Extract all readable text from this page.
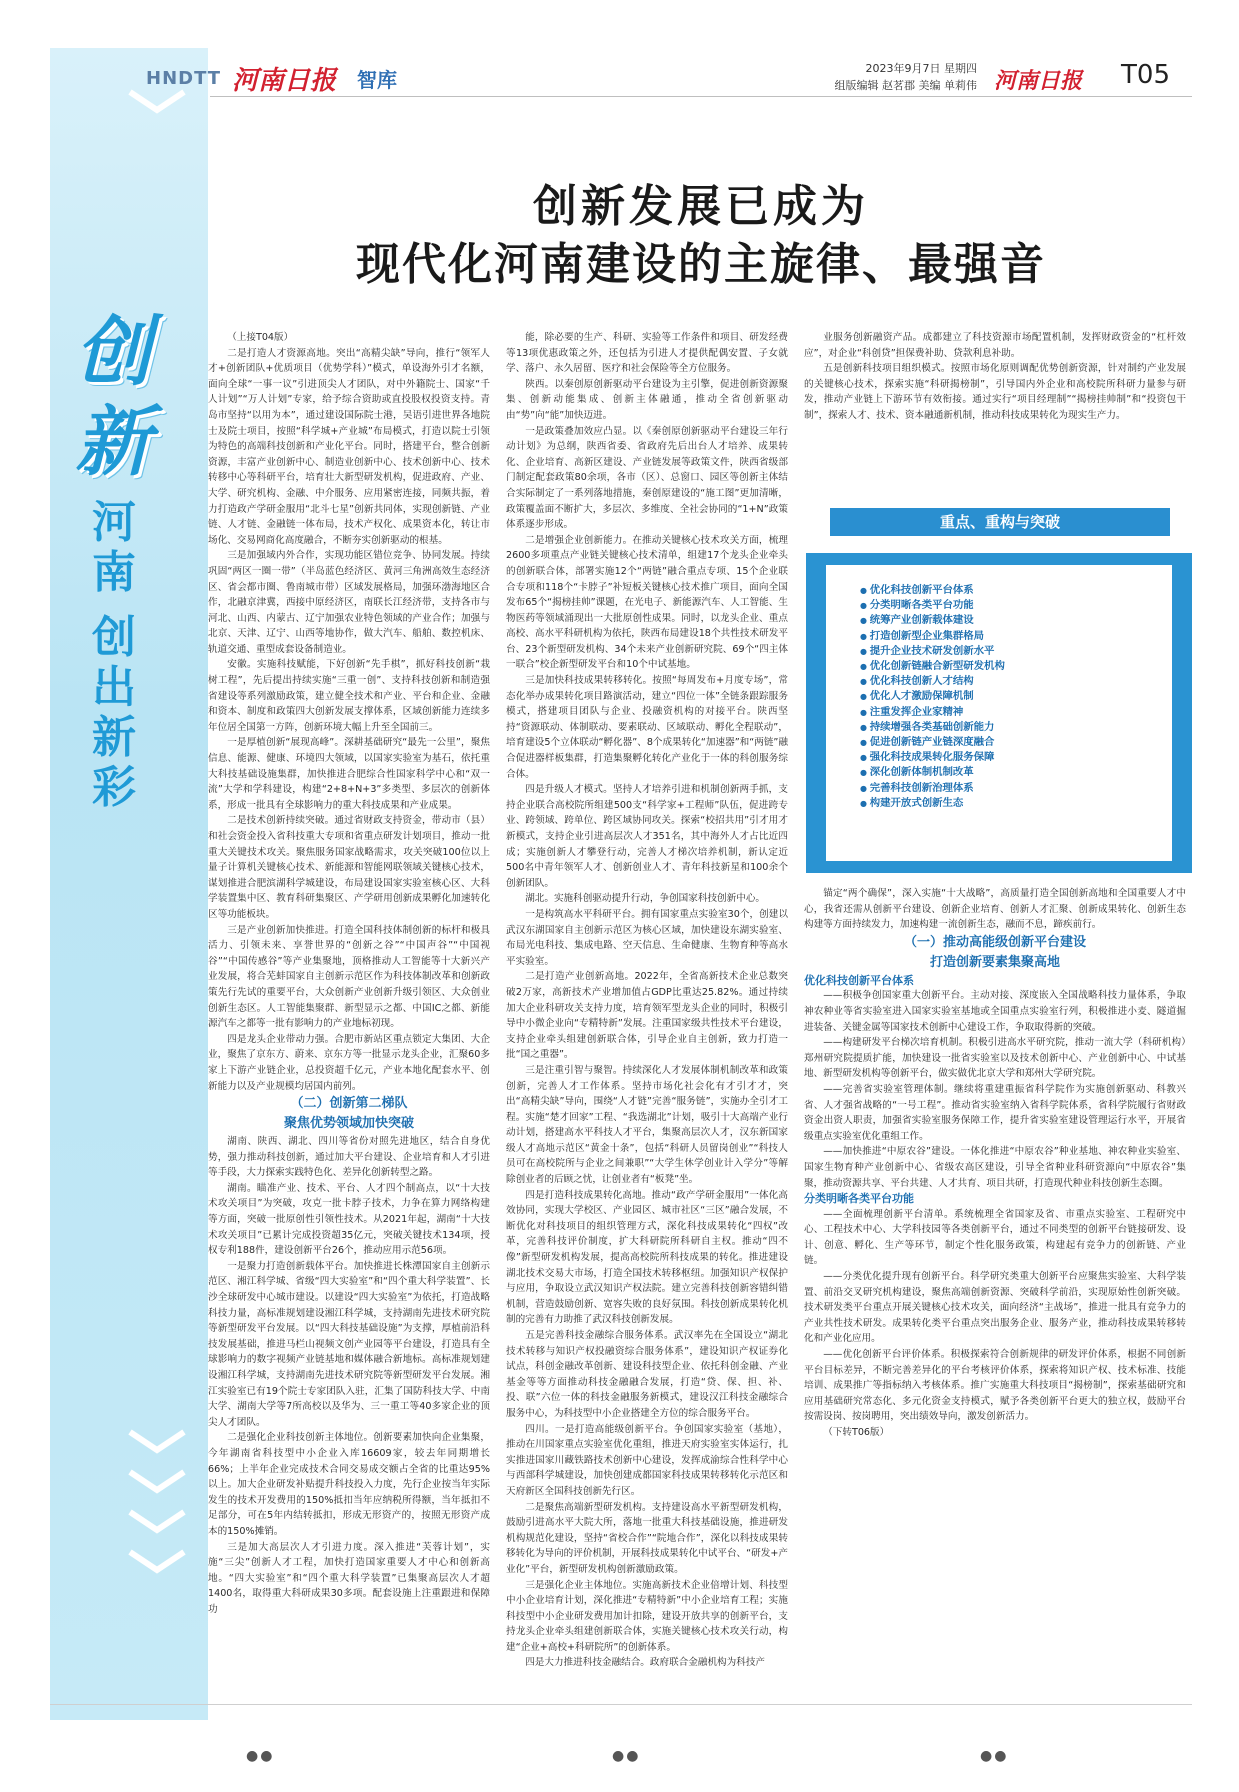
HNDTT 河南日报 智库	2023年9月7日 星期四
组版编辑 赵茗郡 美编 单莉伟 河南日报 T05
创新发展已成为
现代化河南建设的主旋律、最强音
创
新
河
南
创
出
新
彩

（上接T04版）

二是打造人才资源高地。突出“高精尖缺”导向，推行“领军人才+创新团队+优质项目（优势学科）”模式，单设海外引才名额，面向全球“一事一议”引进顶尖人才团队，对中外籍院士、国家“千人计划”“万人计划”专家，给予综合资助或直投股权投资支持。青岛市坚持“以用为本”，通过建设国际院士港，吴语引进世界各地院士及院士项目，按照“科学城+产业城”布局模式，打造以院士引领为特色的高端科技创新和产业化平台。同时，搭建平台，整合创新资源，丰富产业创新中心、制造业创新中心、技术创新中心、技术转移中心等科研平台，培育壮大新型研发机构，促进政府、产业、大学、研究机构、金融、中介服务、应用紧密连接，同频共振，着力打造政产学研金服用“北斗七星”创新共同体，实现创新链、产业链、人才链、金融链一体布局，技术产权化、成果资本化，转让市场化、交易网商化高度融合，不断夯实创新驱动的根基。

三是加强域内外合作，实现功能区错位竞争、协同发展。持续巩固“两区一圈一带”（半岛蓝色经济区、黄河三角洲高效生态经济区、省会都市圈、鲁南城市带）区域发展格局，加强环渤海地区合作，北融京津冀，西接中原经济区，南联长江经济带，支持各市与河北、山西、内蒙古、辽宁加强农业特色领域的产业合作；加强与北京、天津、辽宁、山西等地协作，做大汽车、船舶、数控机床、轨道交通、重型成套设备制造业。

安徽。实施科技赋能，下好创新“先手棋”，抓好科技创新“栽树工程”，先后提出持续实施“三重一创”、支持科技创新和制造强省建设等系列激励政策，建立健全技术和产业、平台和企业、金融和资本、制度和政策四大创新发展支撑体系，区域创新能力连续多年位居全国第一方阵，创新环境大幅上升至全国前三。

一是厚植创新“展现高峰”。深耕基础研究“最先一公里”，聚焦信息、能源、健康、环境四大领域，以国家实验室为基石，依托重大科技基础设施集群，加快推进合肥综合性国家科学中心和“双一流”大学和学科建设，构建“2+8+N+3”多类型、多层次的创新体系，形成一批具有全球影响力的重大科技成果和产业成果。

二是技术创新持续突破。通过省财政支持资金，带动市（县）和社会资金投入省科技重大专项和省重点研发计划项目，推动一批重大关键技术攻关。聚焦服务国家战略需求，攻关突破100位以上量子计算机关键核心技术、新能源和智能网联领域关键核心技术，谋划推进合肥滨湖科学城建设，布局建设国家实验室核心区、大科学装置集中区、教育科研集聚区、产学研用创新成果孵化加速转化区等功能板块。

三是产业创新加快推进。打造全国科技体制创新的标杆和极具活力、引领未来、享誉世界的“创新之谷”“中国声谷”“中国视谷”“中国传感谷”等产业集聚地，顶格推动人工智能等十大新兴产业发展，将合芜蚌国家自主创新示范区作为科技体制改革和创新政策先行先试的重要平台，大众创新产业创新升级引领区、大众创业创新生态区。人工智能集聚群、新型显示之都、中国IC之都、新能源汽车之都等一批有影响力的产业地标初现。

四是龙头企业带动力强。合肥市新站区重点锁定大集团、大企业，聚焦了京东方、蔚来、京东方等一批显示龙头企业，汇聚60多家上下游产业链企业，总投资超千亿元，产业本地化配套水平、创新能力以及产业规模均居国内前列。

（二）创新第二梯队
聚焦优势领域加快突破

湖南、陕西、湖北、四川等省份对照先进地区，结合自身优势，强力推动科技创新，通过加大平台建设、企业培育和人才引进等手段，大力探索实践特色化、差异化创新转型之路。

湖南。瞄准产业、技术、平台、人才四个制高点，以“十大技术攻关项目”为突破，攻克一批卡脖子技术，力争在算力网络构建等方面，突破一批原创性引领性技术。从2021年起，湖南“十大技术攻关项目”已累计完成投资超35亿元，突破关键技术134项，授权专利188件，建设创新平台26个，推动应用示范56项。

一是聚力打造创新载体平台。加快推进长株潭国家自主创新示范区、湘江科学城、省级“四大实验室”和“四个重大科学装置”、长沙全球研发中心城市建设。以建设“四大实验室”为依托，打造战略科技力量，高标准规划建设湘江科学城，支持湖南先进技术研究院等新型研发平台发展。以“四大科技基础设施”为支撑，厚植前沿科技发展基础，推进马栏山视频文创产业园等平台建设，打造具有全球影响力的数字视频产业链基地和媒体融合新地标。高标准规划建设湘江科学城，支持湖南先进技术研究院等新型研发平台发展。湘江实验室已有19个院士专家团队入驻，汇集了国防科技大学、中南大学、湖南大学等7所高校以及华为、三一重工等40多家企业的顶尖人才团队。

二是强化企业科技创新主体地位。创新要素加快向企业集聚，今年湖南省科技型中小企业入库16609家，较去年同期增长66%；上半年企业完成技术合同交易成交额占全省的比重达95%以上。加大企业研发补贴提升科技投入力度，先行企业按当年实际发生的技术开发费用的150%抵扣当年应纳税所得额，当年抵扣不足部分，可在5年内结转抵扣，形成无形资产的，按照无形资产成本的150%摊销。

三是加大高层次人才引进力度。深入推进“芙蓉计划”，实施“三尖”创新人才工程，加快打造国家重要人才中心和创新高地。“四大实验室”和“四个重大科学装置”已集聚高层次人才超1400名，取得重大科研成果30多项。配套设施上注重跟进和保障功

能，除必要的生产、科研、实验等工作条件和项目、研发经费等13项优惠政策之外，还包括为引进人才提供配偶安置、子女就学、落户、永久居留、医疗和社会保险等全方位服务。

陕西。以秦创原创新驱动平台建设为主引擎，促进创新资源聚集、创新动能集成、创新主体融通，推动全省创新驱动由“势”向“能”加快迈进。

一是政策叠加效应凸显。以《秦创原创新驱动平台建设三年行动计划》为总纲，陕西省委、省政府先后出台人才培养、成果转化、企业培育、高新区建设、产业链发展等政策文件，陕西省级部门制定配套政策80余项，各市（区）、总窗口、园区等创新主体结合实际制定了一系列落地措施，秦创原建设的“施工图”更加清晰，政策覆盖面不断扩大，多层次、多维度、全社会协同的“1+N”政策体系逐步形成。

二是增强企业创新能力。在推动关键核心技术攻关方面，梳理2600多项重点产业链关键核心技术清单，组建17个龙头企业牵头的创新联合体，部署实施12个“两链”融合重点专项、15个企业联合专项和118个“卡脖子”补短板关键核心技术推广项目，面向全国发布65个“揭榜挂帅”课题，在光电子、新能源汽车、人工智能、生物医药等领域涌现出一大批原创性成果。同时，以龙头企业、重点高校、高水平科研机构为依托，陕西布局建设18个共性技术研发平台、23个新型研发机构、34个未来产业创新研究院、69个“四主体一联合”校企新型研发平台和10个中试基地。

三是加快科技成果转移转化。按照“每周发布+月度专场”，常态化举办成果转化项目路演活动，建立“四位一体”全链条跟踪服务模式，搭建项目团队与企业、投融资机构的对接平台。陕西坚持“资源联动、体制联动、要素联动、区域联动、孵化全程联动”，培育建设5个立体联动“孵化器”、8个成果转化“加速器”和“两链”融合促进器样板集群，打造集聚孵化转化产业化于一体的科创服务综合体。

四是升级人才模式。坚持人才培养引进和机制创新两手抓，支持企业联合高校院所组建500支“科学家+工程师”队伍，促进跨专业、跨领域、跨单位、跨区域协同攻关。探索“校招共用”引才用才新模式，支持企业引进高层次人才351名，其中海外人才占比近四成；实施创新人才攀登行动，完善人才梯次培养机制，新认定近500名中青年领军人才、创新创业人才、青年科技新星和100余个创新团队。

湖北。实施科创驱动提升行动，争创国家科技创新中心。

一是构筑高水平科研平台。拥有国家重点实验室30个，创建以武汉东湖国家自主创新示范区为核心区域，加快建设东湖实验室、布局光电科技、集成电路、空天信息、生命健康、生物育种等高水平实验室。

二是打造产业创新高地。2022年，全省高新技术企业总数突破2万家，高新技术产业增加值占GDP比重达25.82%。通过持续加大企业科研攻关支持力度，培育领军型龙头企业的同时，积极引导中小微企业向“专精特新”发展。注重国家级共性技术平台建设，支持企业牵头组建创新联合体，引导企业自主创新，致力打造一批“国之重器”。

三是注重引智与聚智。持续深化人才发展体制机制改革和政策创新，完善人才工作体系。坚持市场化社会化有才引才才，突出“高精尖缺”导向，围绕“人才链”完善“服务链”，实施办全引才工程。实施“楚才回家”工程、“我选湖北”计划，吸引十大高端产业行动计划，搭建高水平科技人才平台，集聚高层次人才，汉东新国家级人才高地示范区“黄金十条”，包括“科研人员留岗创业”“科技人员可在高校院所与企业之间兼职”“大学生休学创业计入学分”等解除创业者的后顾之忧，让创业者有“板凳”坐。

四是打造科技成果转化高地。推动“政产学研金服用”一体化高效协同，实现大学校区、产业园区、城市社区“三区”融合发展，不断优化对科技项目的组织管理方式，深化科技成果转化“四权”改革，完善科技评价制度，扩大科研院所科研自主权。推动“四不像”新型研发机构发展，提高高校院所科技成果的转化。推进建设湖北技术交易大市场，打造全国技术转移枢纽。加强知识产权保护与应用，争取设立武汉知识产权法院。建立完善科技创新容错纠错机制，营造鼓励创新、宽容失败的良好氛围。科技创新成果转化机制的完善有力助推了武汉科技创新发展。

五是完善科技金融综合服务体系。武汉率先在全国设立“湖北技术转移与知识产权投融资综合服务体系”，建设知识产权证券化试点，科创金融改革创新、建设科技型企业、依托科创金融、产业基金等等方面推动科技金融融合发展，打造“贷、保、担、补、投、联”六位一体的科技金融服务新模式，建设汉江科技金融综合服务中心，为科技型中小企业搭建全方位的综合服务平台。

四川。一是打造高能级创新平台。争创国家实验室（基地），推动在川国家重点实验室优化重组，推进天府实验室实体运行，扎实推进国家川藏铁路技术创新中心建设，发挥成渝综合性科学中心与西部科学城建设，加快创建成都国家科技成果转移转化示范区和天府新区全国科技创新先行区。

二是聚焦高端新型研发机构。支持建设高水平新型研发机构，鼓励引进高水平大院大所，落地一批重大科技基础设施，推进研发机构规范化建设，坚持“省校合作”“院地合作”，深化以科技成果转移转化为导向的评价机制，开展科技成果转化中试平台、“研发+产业化”平台，新型研发机构创新激励政策。

三是强化企业主体地位。实施高新技术企业倍增计划、科技型中小企业培育计划，深化推进“专精特新”中小企业培育工程；实施科技型中小企业研发费用加计扣除，建设开放共享的创新平台，支持龙头企业牵头组建创新联合体，实施关键核心技术攻关行动，构建“企业+高校+科研院所”的创新体系。

四是大力推进科技金融结合。政府联合金融机构为科技产

业服务创新融资产品。成都建立了科技资源市场配置机制，发挥财政资金的“杠杆效应”，对企业“科创贷”担保费补助、贷款利息补助。

五是创新科技项目组织模式。按照市场化原则调配优势创新资源，针对制约产业发展的关键核心技术，探索实施“科研揭榜制”，引导国内外企业和高校院所科研力量参与研发，推动产业链上下游环节有效衔接。通过实行“项目经理制”“揭榜挂帅制”和“投资包干制”，探索人才、技术、资本融通新机制，推动科技成果转化为现实生产力。

重点、重构与突破
● 优化科技创新平台体系
● 分类明晰各类平台功能
● 统筹产业创新载体建设
● 打造创新型企业集群格局
● 提升企业技术研发创新水平
● 优化创新链融合新型研发机构
● 优化科技创新人才结构
● 优化人才激励保障机制
● 注重发挥企业家精神
● 持续增强各类基础创新能力
● 促进创新链产业链深度融合
● 强化科技成果转化服务保障
● 深化创新体制机制改革
● 完善科技创新治理体系
● 构建开放式创新生态

锚定“两个确保”，深入实施“十大战略”，高质量打造全国创新高地和全国重要人才中心，我省还需从创新平台建设、创新企业培育、创新人才汇聚、创新成果转化、创新生态构建等方面持续发力，加速构建一流创新生态，融而不息，蹄疾前行。

（一）推动高能级创新平台建设
打造创新要素集聚高地

优化科技创新平台体系

——积极争创国家重大创新平台。主动对接、深度嵌入全国战略科技力量体系，争取神农种业等省实验室进入国家实验室基地或全国重点实验室行列，积极推进小麦、隧道掘进装备、关键金属等国家技术创新中心建设工作，争取取得新的突破。

——构建研发平台梯次培育机制。积极引进高水平研究院，推动一流大学（科研机构）郑州研究院提质扩能，加快建设一批省实验室以及技术创新中心、产业创新中心、中试基地、新型研发机构等创新平台，做实做优北京大学和郑州大学研究院。

——完善省实验室管理体制。继续将重建重振省科学院作为实施创新驱动、科教兴省、人才强省战略的“一号工程”。推动省实验室纳入省科学院体系，省科学院履行省财政资金出资人职责，加强省实验室服务保障工作，提升省实验室建设管理运行水平，开展省级重点实验室优化重组工作。

——加快推进“中原农谷”建设。一体化推进“中原农谷”种业基地、神农种业实验室、国家生物育种产业创新中心、省级农高区建设，引导全省种业科研资源向“中原农谷”集聚，推动资源共享、平台共建、人才共育、项目共研，打造现代种业科技创新生态圈。

分类明晰各类平台功能

——全面梳理创新平台清单。系统梳理全省国家及省、市重点实验室、工程研究中心、工程技术中心、大学科技园等各类创新平台，通过不同类型的创新平台链接研发、设计、创意、孵化、生产等环节，制定个性化服务政策，构建起有竞争力的创新链、产业链。

——分类优化提升现有创新平台。科学研究类重大创新平台应聚焦实验室、大科学装置、前沿交叉研究机构建设，聚焦高端创新资源、突破科学前沿，实现原始性创新突破。技术研发类平台重点开展关键核心技术攻关，面向经济“主战场”，推进一批具有竞争力的产业共性技术研发。成果转化类平台重点突出服务企业、服务产业，推动科技成果转移转化和产业化应用。

——优化创新平台评价体系。积极探索符合创新规律的研发评价体系，根据不同创新平台目标差异，不断完善差异化的平台考核评价体系，探索将知识产权、技术标准、技能培训、成果推广等指标纳入考核体系。推广实施重大科技项目“揭榜制”，探索基础研究和应用基础研究常态化、多元化资金支持模式，赋予各类创新平台更大的独立权，鼓励平台按需设岗、按岗聘用，突出绩效导向，激发创新活力。

（下转T06版）

●●	●●	●●
